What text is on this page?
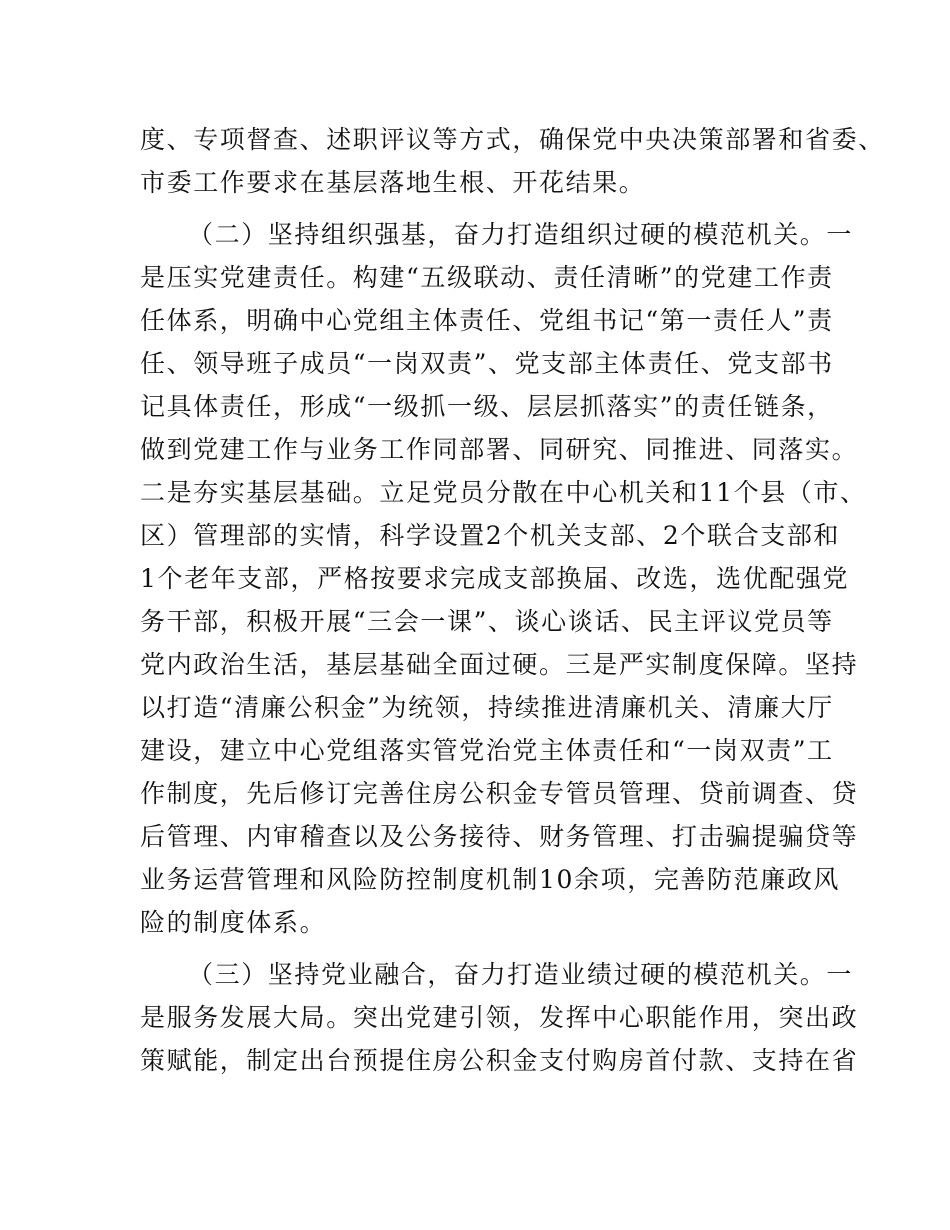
度、专项督查、述职评议等方式，确保党中央决策部署和省委、
市委工作要求在基层落地生根、开花结果。
（二）坚持组织强基，奋力打造组织过硬的模范机关。一
是压实党建责任。构建“五级联动、责任清晰”的党建工作责
任体系，明确中心党组主体责任、党组书记“第一责任人”责
任、领导班子成员“一岗双责”、党支部主体责任、党支部书
记具体责任，形成“一级抓一级、层层抓落实”的责任链条，
做到党建工作与业务工作同部署、同研究、同推进、同落实。
二是夯实基层基础。立足党员分散在中心机关和11个县（市、
区）管理部的实情，科学设置2个机关支部、2个联合支部和
1个老年支部，严格按要求完成支部换届、改选，选优配强党
务干部，积极开展“三会一课”、谈心谈话、民主评议党员等
党内政治生活，基层基础全面过硬。三是严实制度保障。坚持
以打造“清廉公积金”为统领，持续推进清廉机关、清廉大厅
建设，建立中心党组落实管党治党主体责任和“一岗双责”工
作制度，先后修订完善住房公积金专管员管理、贷前调查、贷
后管理、内审稽查以及公务接待、财务管理、打击骗提骗贷等
业务运营管理和风险防控制度机制10余项，完善防范廉政风
险的制度体系。
（三）坚持党业融合，奋力打造业绩过硬的模范机关。一
是服务发展大局。突出党建引领，发挥中心职能作用，突出政
策赋能，制定出台预提住房公积金支付购房首付款、支持在省
